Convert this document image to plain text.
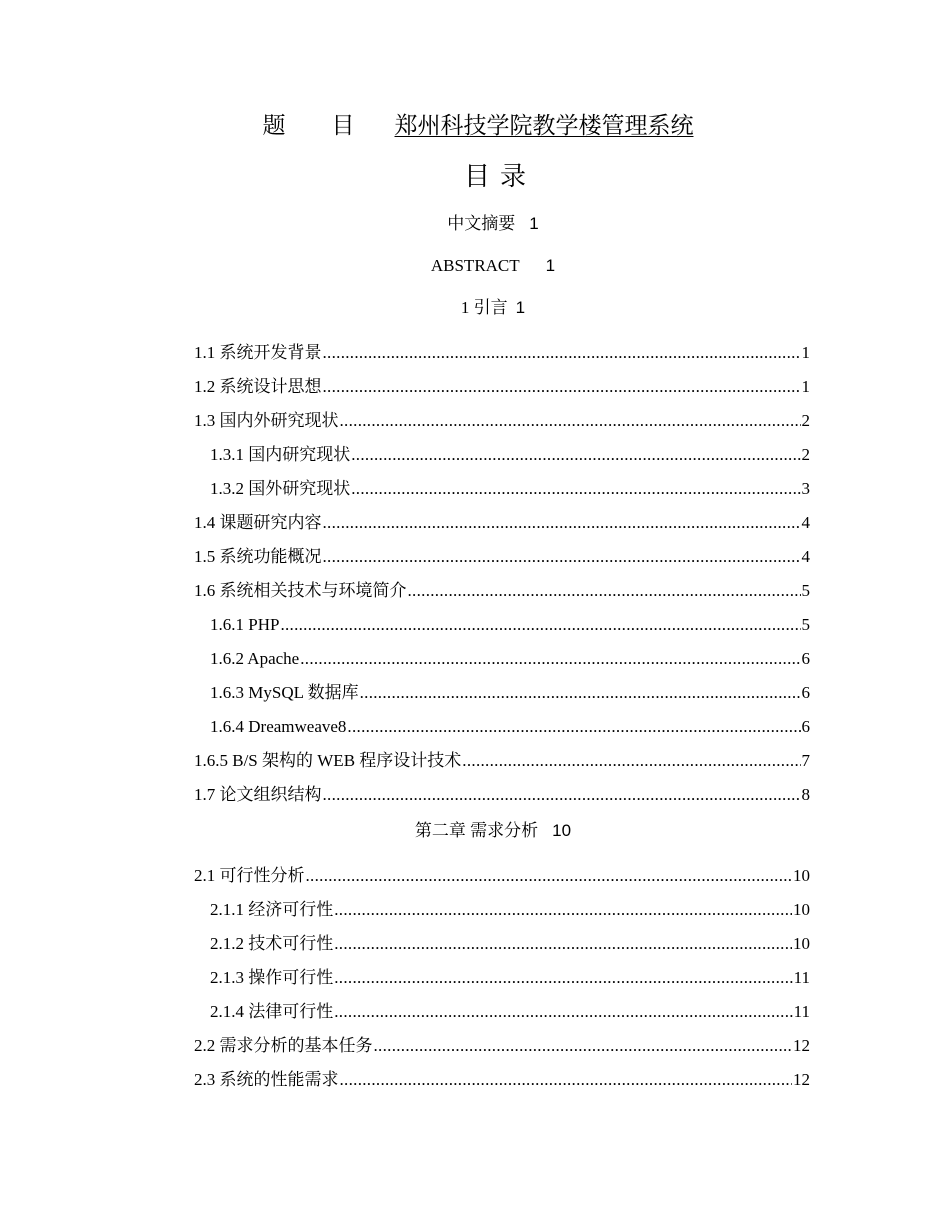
题目郑州科技学院教学楼管理系统
目录
中文摘要 1
ABSTRACT 1
1 引言 1
1.1 系统开发背景 .....	1
1.2 系统设计思想 .....	1
1.3 国内外研究现状 .....	2
1.3.1 国内研究现状 .....	2
1.3.2 国外研究现状 .....	3
1.4 课题研究内容 .....	4
1.5 系统功能概况 .....	4
1.6 系统相关技术与环境简介 .....	5
1.6.1 PHP .....	5
1.6.2 Apache .....	6
1.6.3 MySQL 数据库 .....	6
1.6.4 Dreamweave8 .....	6
1.6.5 B/S 架构的 WEB 程序设计技术 .....	7
1.7 论文组织结构 .....	8
第二章 需求分析 10
2.1 可行性分析 .....	10
2.1.1 经济可行性 .....	10
2.1.2 技术可行性 .....	10
2.1.3 操作可行性 .....	11
2.1.4 法律可行性 .....	11
2.2 需求分析的基本任务 .....	12
2.3 系统的性能需求 .....	12
